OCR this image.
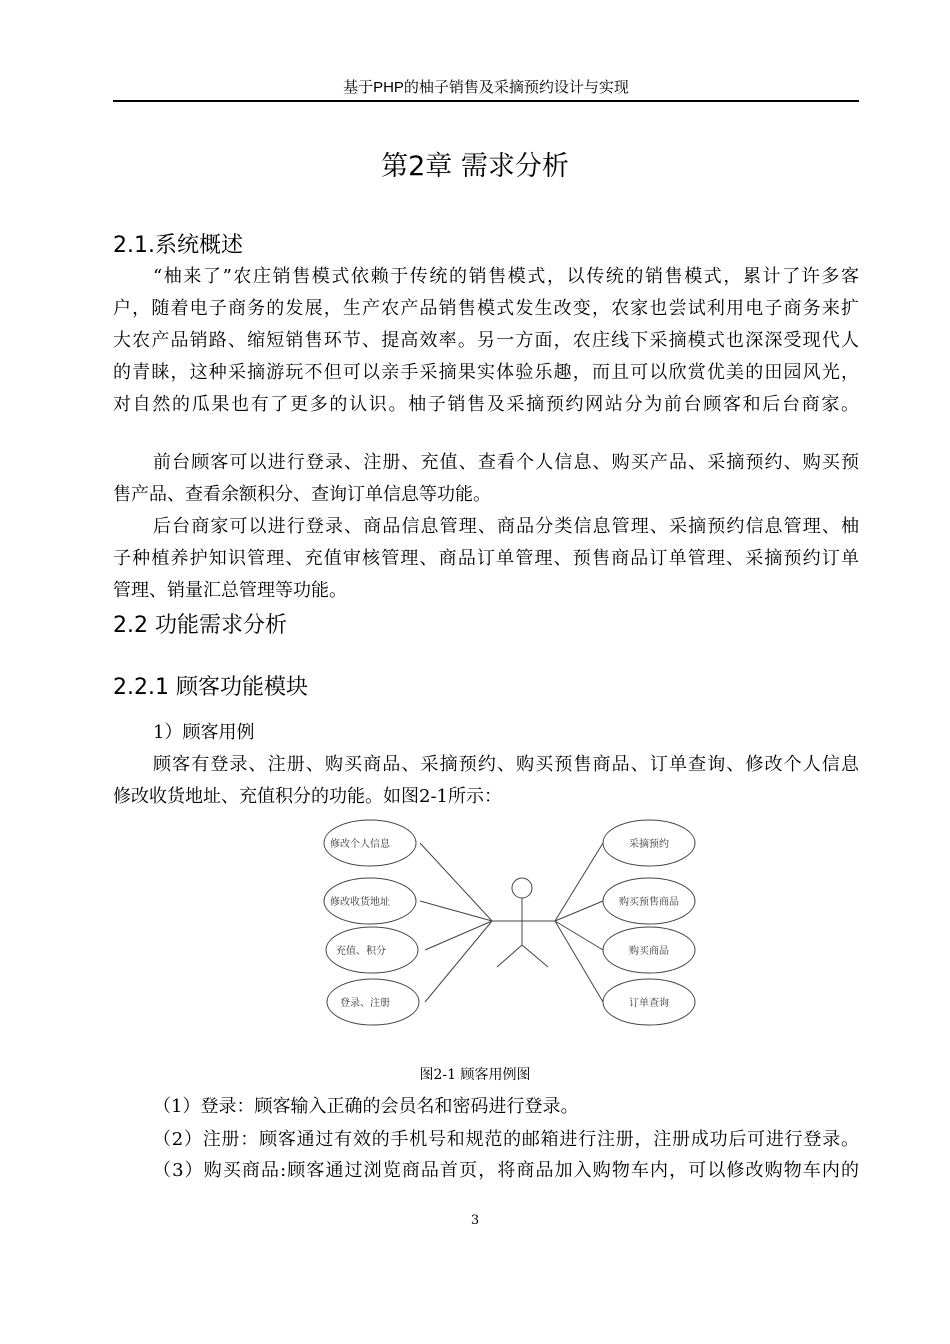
基于PHP的柚子销售及采摘预约设计与实现
第2章 需求分析
2.1.系统概述
“柚来了”农庄销售模式依赖于传统的销售模式，以传统的销售模式，累计了许多客
户，随着电子商务的发展，生产农产品销售模式发生改变，农家也尝试利用电子商务来扩
大农产品销路、缩短销售环节、提高效率。另一方面，农庄线下采摘模式也深深受现代人
的青睐，这种采摘游玩不但可以亲手采摘果实体验乐趣，而且可以欣赏优美的田园风光，
对自然的瓜果也有了更多的认识。柚子销售及采摘预约网站分为前台顾客和后台商家。
前台顾客可以进行登录、注册、充值、查看个人信息、购买产品、采摘预约、购买预
售产品、查看余额积分、查询订单信息等功能。
后台商家可以进行登录、商品信息管理、商品分类信息管理、采摘预约信息管理、柚
子种植养护知识管理、充值审核管理、商品订单管理、预售商品订单管理、采摘预约订单
管理、销量汇总管理等功能。
2.2 功能需求分析
2.2.1 顾客功能模块
1）顾客用例
顾客有登录、注册、购买商品、采摘预约、购买预售商品、订单查询、修改个人信息
修改收货地址、充值积分的功能。如图2-1所示：
修改个人信息
修改收货地址
充值、积分
登录、注册
采摘预约
购买预售商品
购买商品
订单查询
图2-1 顾客用例图
（1）登录：顾客输入正确的会员名和密码进行登录。
（2）注册：顾客通过有效的手机号和规范的邮箱进行注册，注册成功后可进行登录。
（3）购买商品:顾客通过浏览商品首页，将商品加入购物车内，可以修改购物车内的
3
